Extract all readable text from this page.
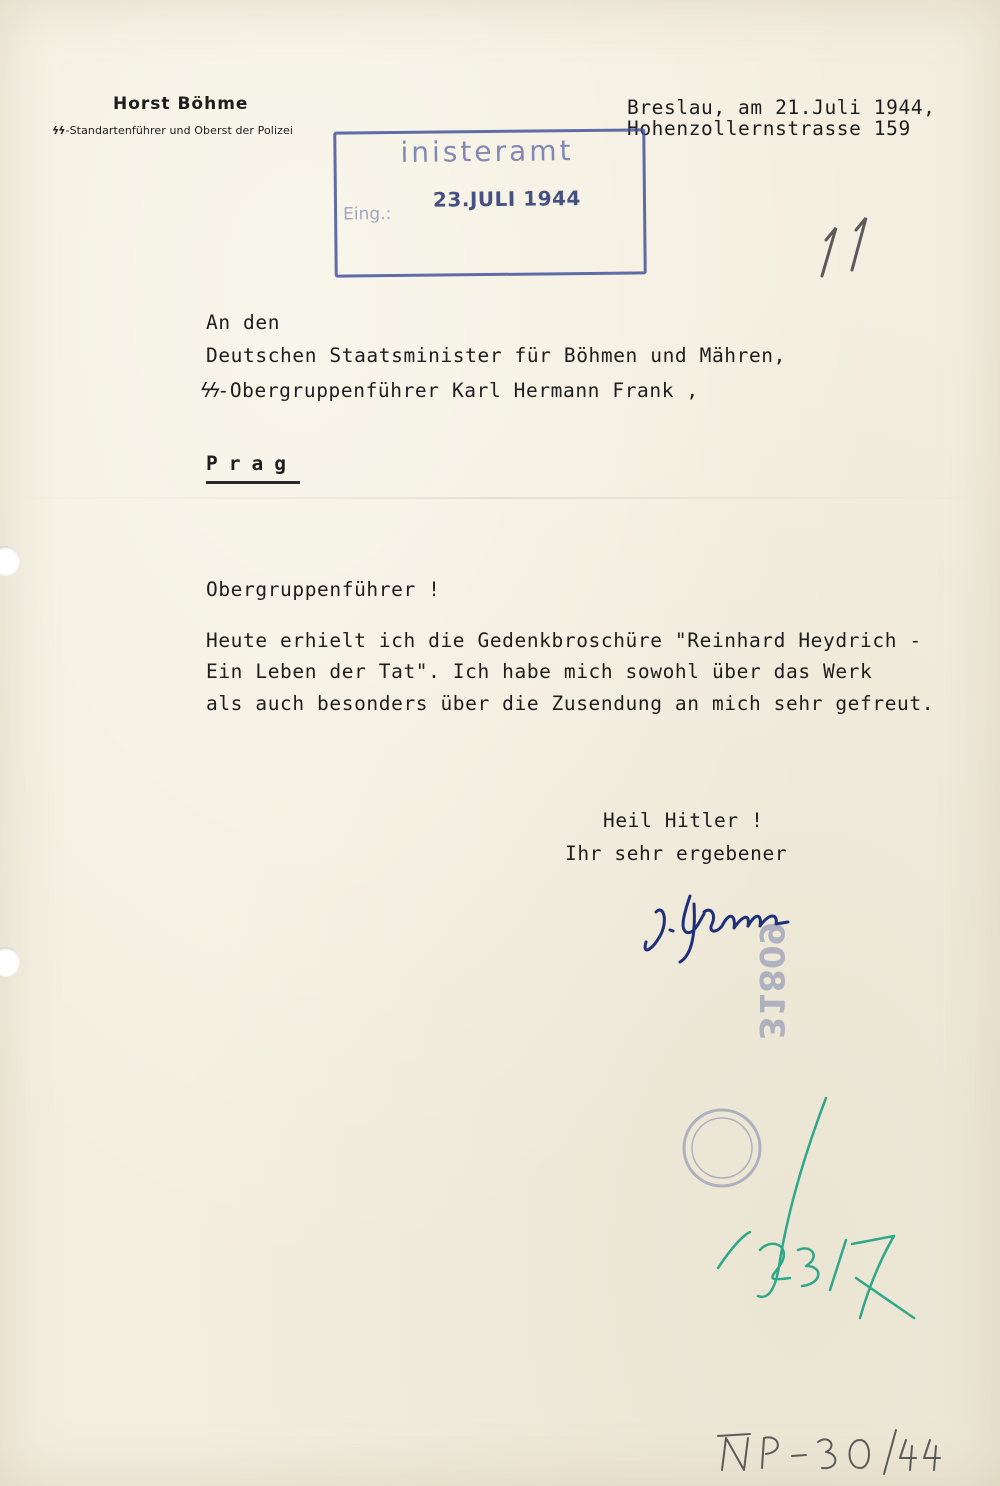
Horst Böhme
ϟϟ-Standartenführer und Oberst der Polizei
Breslau, am 21.Juli 1944,
Hohenzollernstrasse 159
inisteramt
Eing.:
23.JULI 1944
An den
Deutschen Staatsminister für Böhmen und Mähren,
ϟϟ-Obergruppenführer Karl Hermann Frank ,
Prag
Obergruppenführer !
Heute erhielt ich die Gedenkbroschüre "Reinhard Heydrich -
Ein Leben der Tat". Ich habe mich sowohl über das Werk
als auch besonders über die Zusendung an mich sehr gefreut.
Heil Hitler !
Ihr sehr ergebener
31809
